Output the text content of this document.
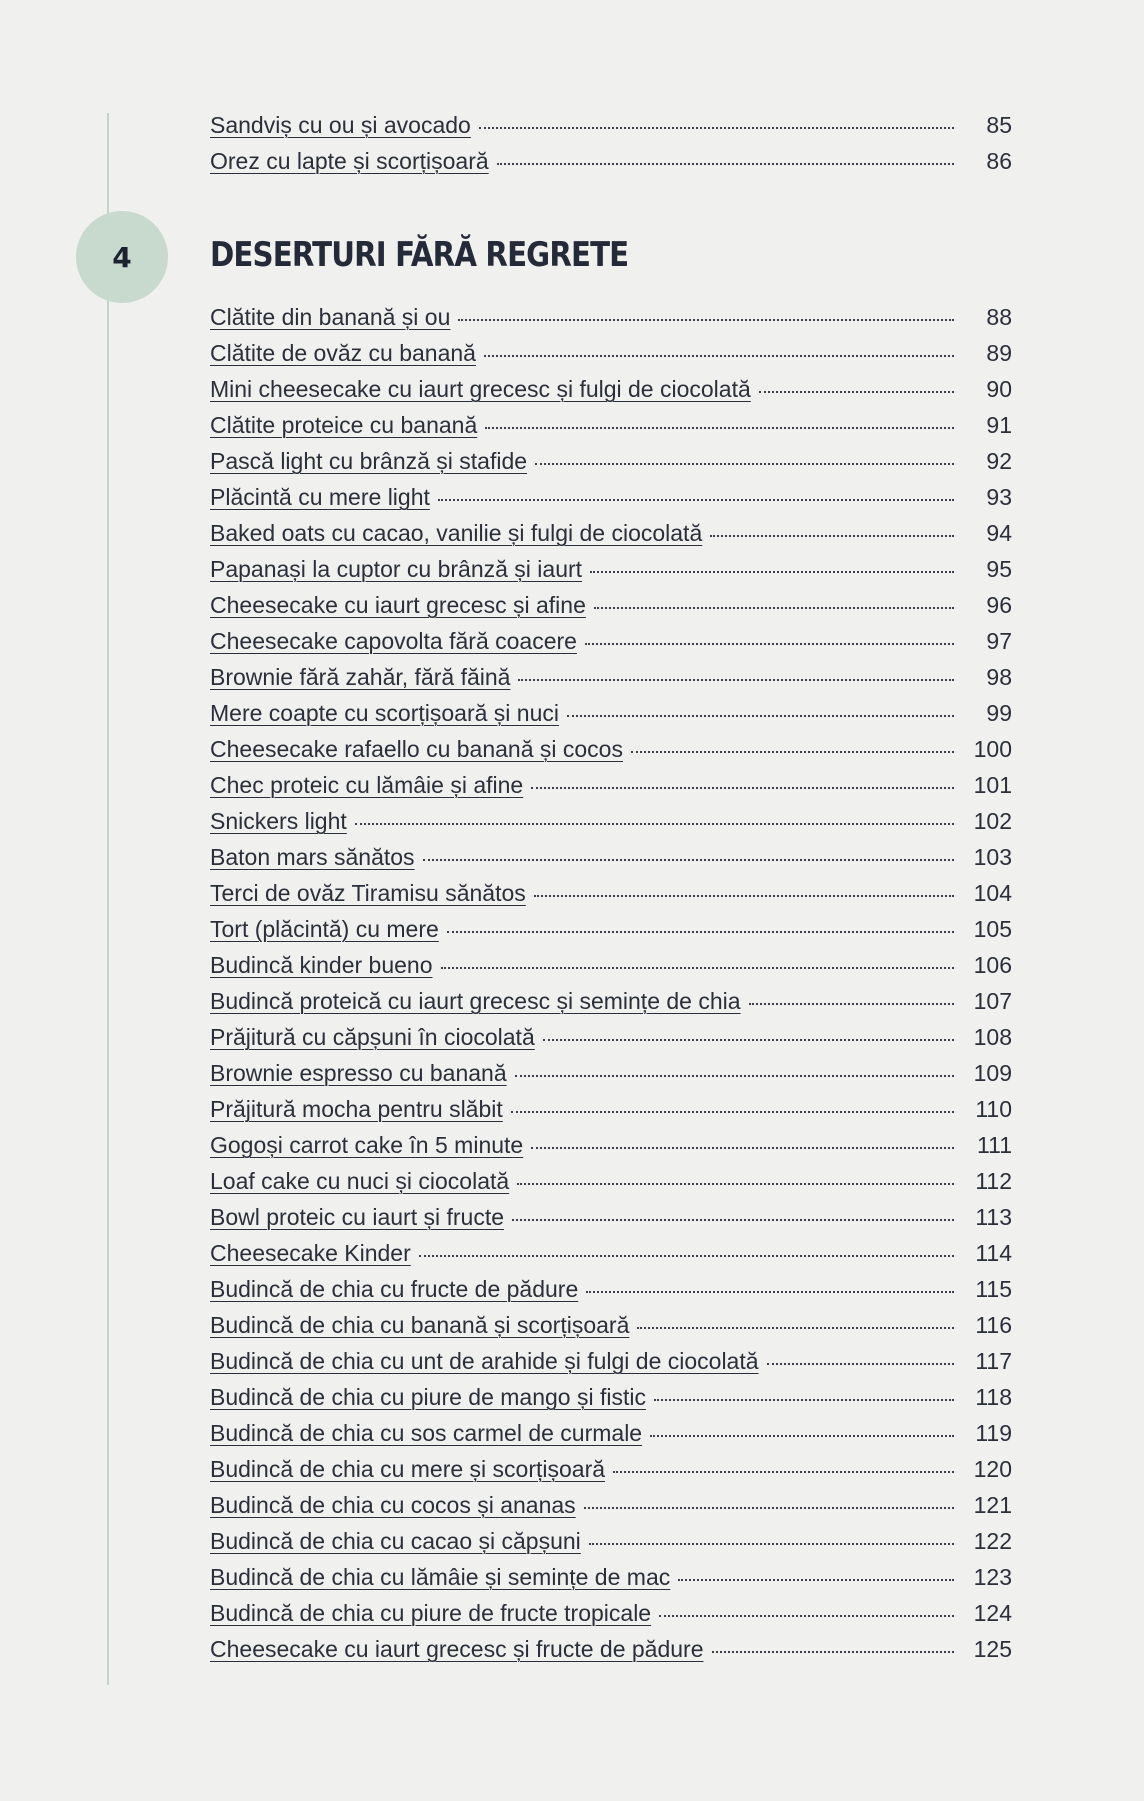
Sandviș cu ou și avocado	85
Orez cu lapte și scorțișoară	86
4	DESERTURI FĂRĂ REGRETE
Clătite din banană și ou	88
Clătite de ovăz cu banană	89
Mini cheesecake cu iaurt grecesc și fulgi de ciocolată	90
Clătite proteice cu banană	91
Pască light cu brânză și stafide	92
Plăcintă cu mere light	93
Baked oats cu cacao, vanilie și fulgi de ciocolată	94
Papanași la cuptor cu brânză și iaurt	95
Cheesecake cu iaurt grecesc și afine	96
Cheesecake capovolta fără coacere	97
Brownie fără zahăr, fără făină	98
Mere coapte cu scorțișoară și nuci	99
Cheesecake rafaello cu banană și cocos	100
Chec proteic cu lămâie și afine	101
Snickers light	102
Baton mars sănătos	103
Terci de ovăz Tiramisu sănătos	104
Tort (plăcintă) cu mere	105
Budincă kinder bueno	106
Budincă proteică cu iaurt grecesc și semințe de chia	107
Prăjitură cu căpșuni în ciocolată	108
Brownie espresso cu banană	109
Prăjitură mocha pentru slăbit	110
Gogoși carrot cake în 5 minute	111
Loaf cake cu nuci și ciocolată	112
Bowl proteic cu iaurt și fructe	113
Cheesecake Kinder	114
Budincă de chia cu fructe de pădure	115
Budincă de chia cu banană și scorțișoară	116
Budincă de chia cu unt de arahide și fulgi de ciocolată	117
Budincă de chia cu piure de mango și fistic	118
Budincă de chia cu sos carmel de curmale	119
Budincă de chia cu mere și scorțișoară	120
Budincă de chia cu cocos și ananas	121
Budincă de chia cu cacao și căpșuni	122
Budincă de chia cu lămâie și semințe de mac	123
Budincă de chia cu piure de fructe tropicale	124
Cheesecake cu iaurt grecesc și fructe de pădure	125
